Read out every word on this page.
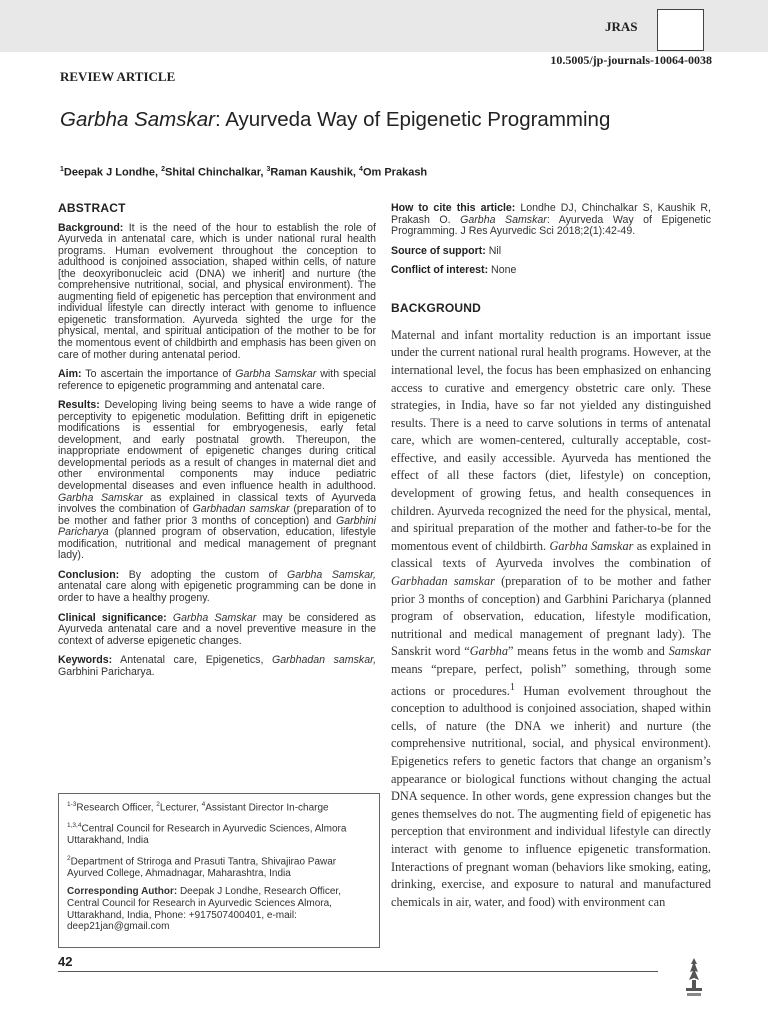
JRAS
10.5005/jp-journals-10064-0038
REVIEW ARTICLE
Garbha Samskar: Ayurveda Way of Epigenetic Programming
$^1$Deepak J Londhe, $^2$Shital Chinchalkar, $^3$Raman Kaushik, $^4$Om Prakash
ABSTRACT

Background: It is the need of the hour to establish the role of Ayurveda in antenatal care, which is under national rural health programs. Human evolvement throughout the conception to adulthood is conjoined association, shaped within cells, of nature [the deoxyribonucleic acid (DNA) we inherit] and nurture (the comprehensive nutritional, social, and physical environment). The augmenting field of epigenetic has perception that environment and individual lifestyle can directly interact with genome to influence epigenetic transformation. Ayurveda sighted the urge for the physical, mental, and spiritual anticipation of the mother to be for the momentous event of childbirth and emphasis has been given on care of mother during antenatal period.

Aim: To ascertain the importance of Garbha Samskar with special reference to epigenetic programming and antenatal care.

Results: Developing living being seems to have a wide range of perceptivity to epigenetic modulation. Befitting drift in epigenetic modifications is essential for embryogenesis, early fetal development, and early postnatal growth. Thereupon, the inappropriate endowment of epigenetic changes during critical developmental periods as a result of changes in maternal diet and other environmental components may induce pediatric developmental diseases and even influence health in adulthood. Garbha Samskar as explained in classical texts of Ayurveda involves the combination of Garbhadan samskar (preparation of to be mother and father prior 3 months of conception) and Garbhini Paricharya (planned program of observation, education, lifestyle modification, nutritional and medical management of pregnant lady).

Conclusion: By adopting the custom of Garbha Samskar, antenatal care along with epigenetic programming can be done in order to have a healthy progeny.

Clinical significance: Garbha Samskar may be considered as Ayurveda antenatal care and a novel preventive measure in the context of adverse epigenetic changes.

Keywords: Antenatal care, Epigenetics, Garbhadan samskar, Garbhini Paricharya.

$^{1-3}$Research Officer, $^2$Lecturer, $^4$Assistant Director In-charge

$^{1,3,4}$Central Council for Research in Ayurvedic Sciences, Almora Uttarakhand, India

$^2$Department of Striroga and Prasuti Tantra, Shivajirao Pawar Ayurved College, Ahmadnagar, Maharashtra, India

Corresponding Author: Deepak J Londhe, Research Officer, Central Council for Research in Ayurvedic Sciences Almora, Uttarakhand, India, Phone: +917507400401, e-mail: deep21jan@gmail.com

How to cite this article: Londhe DJ, Chinchalkar S, Kaushik R, Prakash O. Garbha Samskar: Ayurveda Way of Epigenetic Programming. J Res Ayurvedic Sci 2018;2(1):42-49.

Source of support: Nil

Conflict of interest: None

BACKGROUND

Maternal and infant mortality reduction is an important issue under the current national rural health programs. However, at the international level, the focus has been emphasized on enhancing access to curative and emergency obstetric care only. These strategies, in India, have so far not yielded any distinguished results. There is a need to carve solutions in terms of antenatal care, which are women-centered, culturally acceptable, cost-effective, and easily accessible. Ayurveda has mentioned the effect of all these factors (diet, lifestyle) on conception, development of growing fetus, and health consequences in children. Ayurveda recognized the need for the physical, mental, and spiritual preparation of the mother and father-to-be for the momentous event of childbirth. Garbha Samskar as explained in classical texts of Ayurveda involves the combination of Garbhadan samskar (preparation of to be mother and father prior 3 months of conception) and Garbhini Paricharya (planned program of observation, education, lifestyle modification, nutritional and medical management of pregnant lady). The Sanskrit word “Garbha” means fetus in the womb and Samskar means “prepare, perfect, polish” something, through some actions or procedures.$^1$ Human evolvement throughout the conception to adulthood is conjoined association, shaped within cells, of nature (the DNA we inherit) and nurture (the comprehensive nutritional, social, and physical environment). Epigenetics refers to genetic factors that change an organism’s appearance or biological functions without changing the actual DNA sequence. In other words, gene expression changes but the genes themselves do not. The augmenting field of epigenetic has perception that environment and individual lifestyle can directly interact with genome to influence epigenetic transformation. Interactions of pregnant woman (behaviors like smoking, eating, drinking, exercise, and exposure to natural and manufactured chemicals in air, water, and food) with environment can

42
